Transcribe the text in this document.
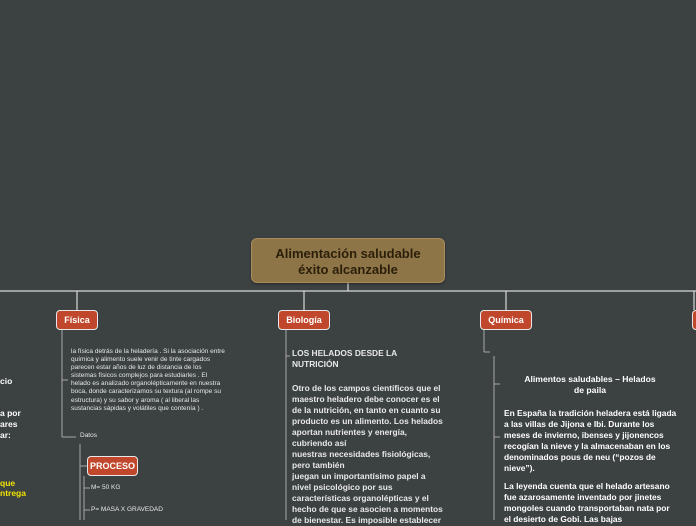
Alimentación saludable
éxito alcanzable
Física	Biología	Química
la física detrás de la heladería . Si la asociación entre
química y alimento suele venir de tinte cargados
parecen estar años de luz de distancia de los
sistemas físicos complejos para estudiarles . El
helado es analizado organolépticamente en nuestra
boca, donde caracterizamos su textura (al rompe su
estructura) y su sabor y aroma ( al liberal las
sustancias sápidas y volátiles que contenía ) .
Datos
PROCESO
M= 50 KG
P= MASA X GRAVEDAD
LOS HELADOS DESDE LA
NUTRICIÓN
Otro de los campos científicos que el
maestro heladero debe conocer es el
de la nutrición, en tanto en cuanto su
producto es un alimento. Los helados
aportan nutrientes y energía,
cubriendo así
nuestras necesidades fisiológicas,
pero también
juegan un importantísimo papel a
nivel psicológico por sus
características organolépticas y el
hecho de que se asocien a momentos
de bienestar. Es imposible establecer
Alimentos saludables – Helados
de paila
En España la tradición heladera está ligada
a las villas de Jijona e Ibi. Durante los
meses de invierno, ibenses y jijonencos
recogían la nieve y la almacenaban en los
denominados pous de neu (“pozos de
nieve”).
La leyenda cuenta que el helado artesano
fue azarosamente inventado por jinetes
mongoles cuando transportaban nata por
el desierto de Gobi. Las bajas
cio
a por
ares
ar:
que
ntrega
